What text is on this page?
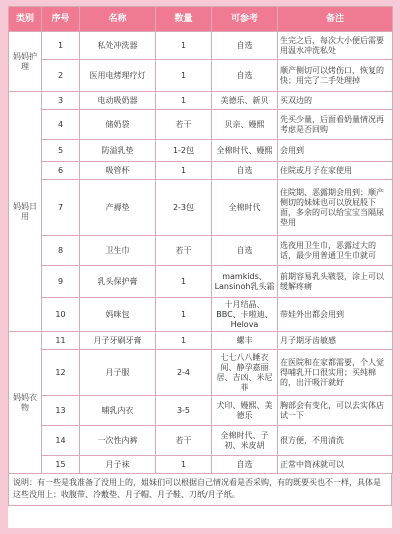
类别	序号	名称	数量	可参考	备注
妈妈护理	1	私处冲洗器	1	自选	生完之后，每次大小便后需要用温水冲洗私处
	2	医用电烤理疗灯	1	自选	顺产侧切可以烤伤口，恢复的快；用完了二手处理掉
妈妈日用	3	电动吸奶器	1	美德乐、新贝	买双边的
	4	储奶袋	若干	贝亲、嫚熙	先买少量，后面看奶量情况再考虑是否回购
	5	防溢乳垫	1-2包	全棉时代、嫚熙	会用到
	6	吸管杯	1	自选	住院或月子在家使用
	7	产褥垫	2-3包	全棉时代	住院期、恶露期会用到；顺产侧切的妹妹也可以放屁股下面，多余的可以给宝宝当隔尿垫用
	8	卫生巾	若干	自选	选夜用卫生巾，恶露过大的话，最少用普通卫生巾就可
	9	乳头保护膏	1	mamkids、Lansinoh乳头霜	前期容易乳头皲裂，涂上可以缓解疼痛
	10	妈咪包	1	十月结晶、BBC、卡啦迪、Helova	带娃外出都会用到
妈妈衣物	11	月子牙刷牙膏	1	螺丰	月子期牙齿敏感
	12	月子服	2-4	七七八八睡衣间、静孕嘉丽居、吉凶、米尼菲	在医院和在家都需要，个人觉得哺乳开口很实用；买纯棉的，出汗吸汗就好
	13	哺乳内衣	3-5	犬印、嫚熙、美德乐	胸部会有变化，可以去实体店试一下
	14	一次性内裤	若干	全棉时代、子初、米皮胡	很方便，不用清洗
	15	月子袜	1	自选	正常中筒袜就可以
说明：有一些是我准备了没用上的，姐妹们可以根据自己情况看是否采购，有的既要买也不一样，具体是这些没用上：收腹带、冷敷垫、月子帽、月子鞋、刀纸/月子纸。
